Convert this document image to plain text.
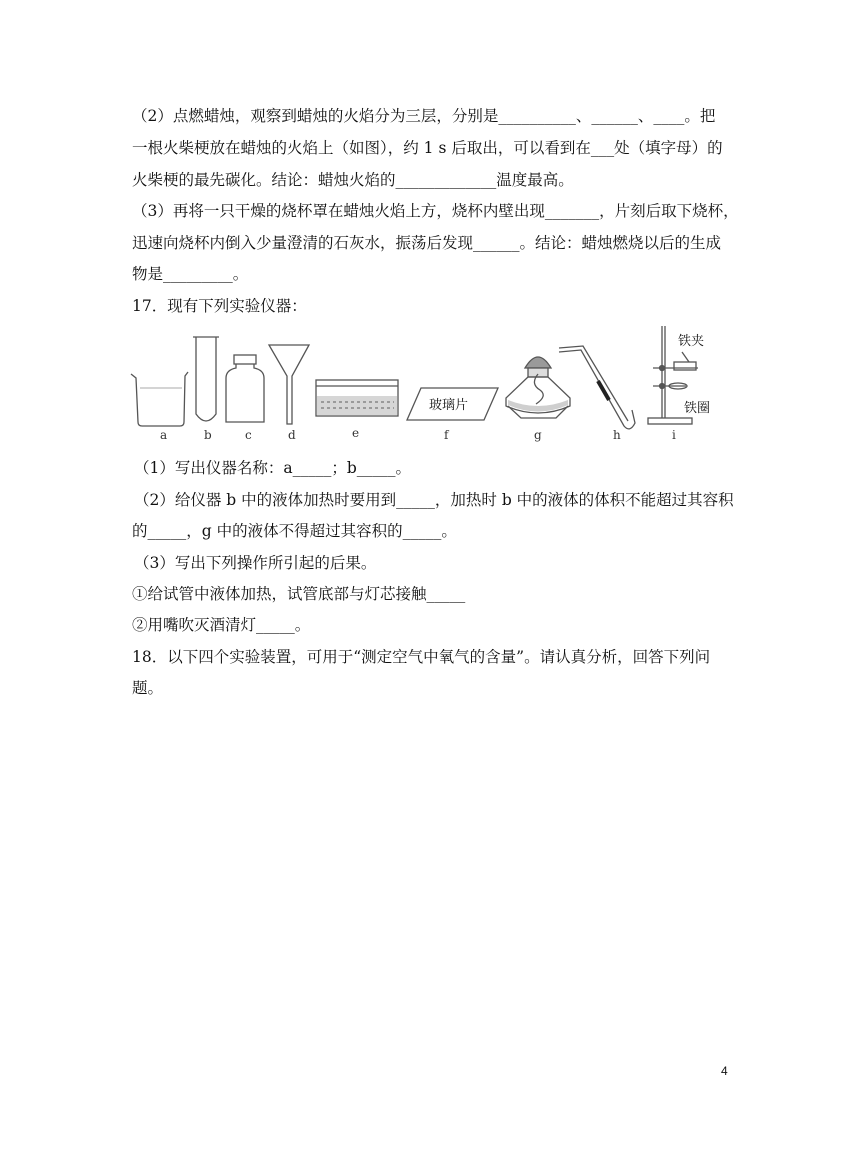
（2）点燃蜡烛，观察到蜡烛的火焰分为三层，分别是__________、______、____。把
一根火柴梗放在蜡烛的火焰上（如图），约 1 s 后取出，可以看到在___处（填字母）的
火柴梗的最先碳化。结论：蜡烛火焰的_____________温度最高。
（3）再将一只干燥的烧杯罩在蜡烛火焰上方，烧杯内壁出现_______，片刻后取下烧杯，
迅速向烧杯内倒入少量澄清的石灰水，振荡后发现______。结论：蜡烛燃烧以后的生成
物是_________。
17．现有下列实验仪器：
玻璃片
铁夹
铁圈
a	b	c	d	e	f	g	h	i
（1）写出仪器名称：a_____；b_____。
（2）给仪器 b 中的液体加热时要用到_____，加热时 b 中的液体的体积不能超过其容积
的_____，g 中的液体不得超过其容积的_____。
（3）写出下列操作所引起的后果。
①给试管中液体加热，试管底部与灯芯接触_____
②用嘴吹灭酒清灯_____。
18．以下四个实验装置，可用于“测定空气中氧气的含量”。请认真分析，回答下列问
题。
4
